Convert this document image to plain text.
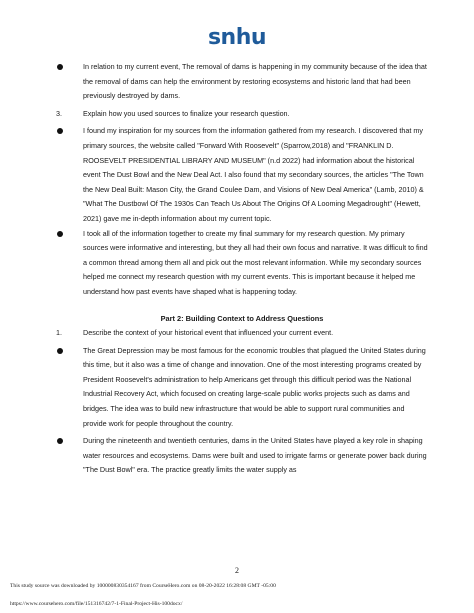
snhu
In relation to my current event, The removal of dams is happening in my community because of the idea that the removal of dams can help the environment by restoring ecosystems and historic land that had been previously destroyed by dams.
3.	Explain how you used sources to finalize your research question.
I found my inspiration for my sources from the information gathered from my research. I discovered that my primary sources, the website called "Forward With Roosevelt" (Sparrow,2018) and "FRANKLIN D. ROOSEVELT PRESIDENTIAL LIBRARY AND MUSEUM" (n.d 2022) had information about the historical event The Dust Bowl and the New Deal Act. I also found that my secondary sources, the articles "The Town the New Deal Built: Mason City, the Grand Coulee Dam, and Visions of New Deal America" (Lamb, 2010) & "What The Dustbowl Of The 1930s Can Teach Us About The Origins Of A Looming Megadrought" (Hewett, 2021) gave me in-depth information about my current topic.
I took all of the information together to create my final summary for my research question. My primary sources were informative and interesting, but they all had their own focus and narrative. It was difficult to find a common thread among them all and pick out the most relevant information. While my secondary sources helped me connect my research question with my current events. This is important because it helped me understand how past events have shaped what is happening today.
Part 2: Building Context to Address Questions
1.	Describe the context of your historical event that influenced your current event.
The Great Depression may be most famous for the economic troubles that plagued the United States during this time, but it also was a time of change and innovation. One of the most interesting programs created by President Roosevelt's administration to help Americans get through this difficult period was the National Industrial Recovery Act, which focused on creating large-scale public works projects such as dams and bridges. The idea was to build new infrastructure that would be able to support rural communities and provide work for people throughout the country.
During the nineteenth and twentieth centuries, dams in the United States have played a key role in shaping water resources and ecosystems. Dams were built and used to irrigate farms or generate power back during "The Dust Bowl" era. The practice greatly limits the water supply as
2
This study source was downloaded by 100000830354167 from CourseHero.com on 08-20-2022 16:28:08 GMT -05:00
https://www.coursehero.com/file/151316742/7-1-Final-Project-His-100docx/
